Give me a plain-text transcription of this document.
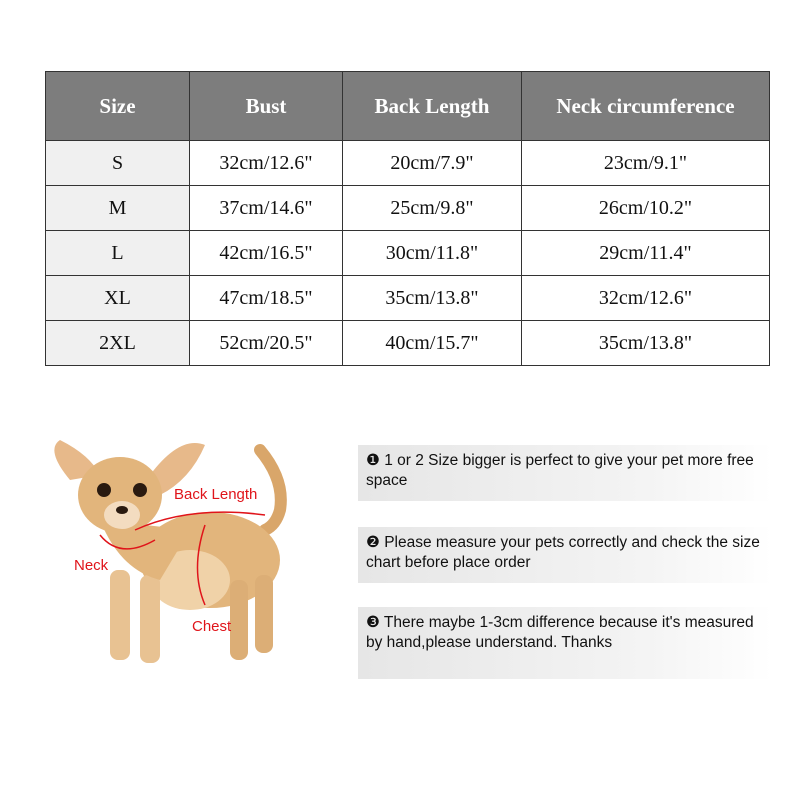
Size	Bust	Back Length	Neck circumference
S	32cm/12.6"	20cm/7.9"	23cm/9.1"
M	37cm/14.6"	25cm/9.8"	26cm/10.2"
L	42cm/16.5"	30cm/11.8"	29cm/11.4"
XL	47cm/18.5"	35cm/13.8"	32cm/12.6"
2XL	52cm/20.5"	40cm/15.7"	35cm/13.8"
Back Length
Neck
Chest
❶ 1 or 2 Size bigger is perfect to give your pet more free space
❷ Please measure your pets correctly and check the size chart before place order
❸ There maybe 1-3cm difference because it's measured by hand,please understand. Thanks
